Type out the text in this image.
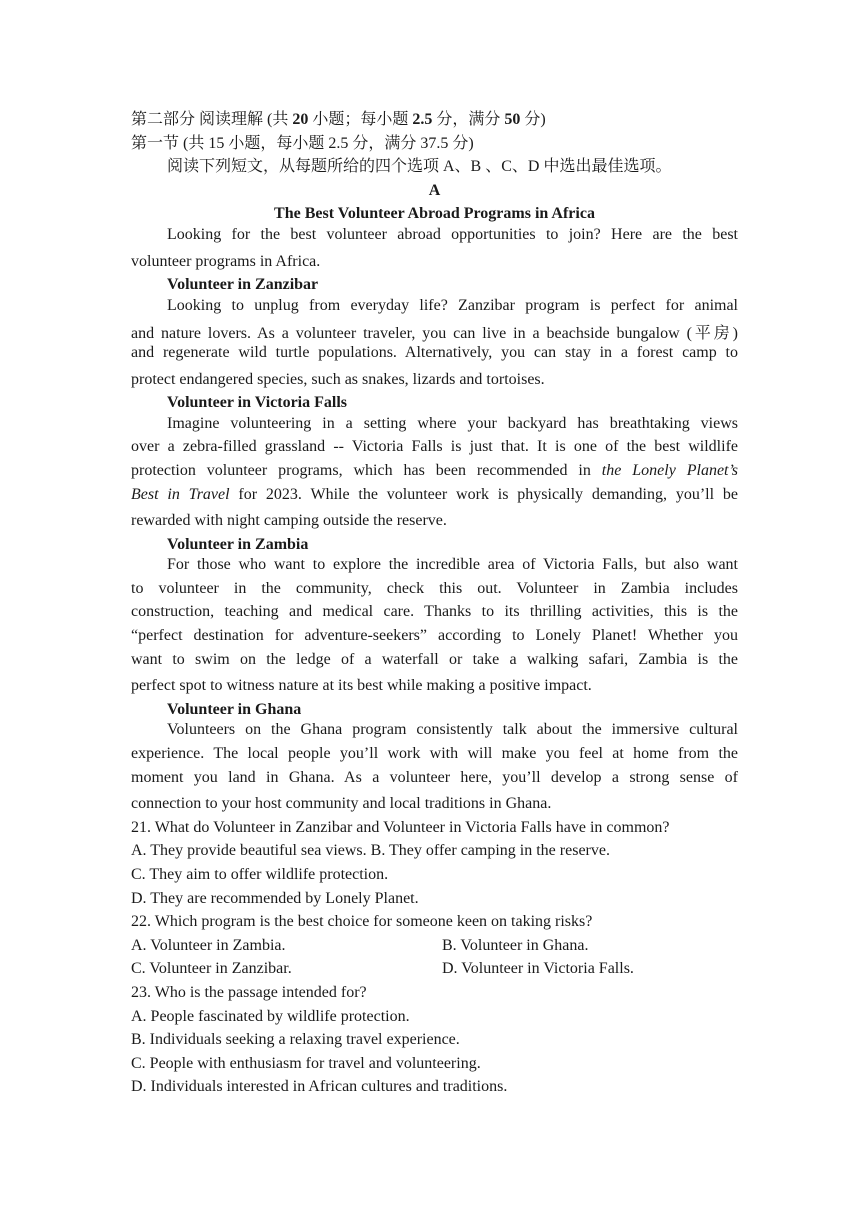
第二部分 阅读理解 (共 20 小题；每小题 2.5 分，满分 50 分)
第一节 (共 15 小题，每小题 2.5 分，满分 37.5 分)
阅读下列短文，从每题所给的四个选项 A、B 、C、D 中选出最佳选项。
A
The Best Volunteer Abroad Programs in Africa
Looking for the best volunteer abroad opportunities to join? Here are the best
volunteer programs in Africa.
Volunteer in Zanzibar
Looking to unplug from everyday life? Zanzibar program is perfect for animal
and nature lovers. As a volunteer traveler, you can live in a beachside bungalow (平房)
and regenerate wild turtle populations. Alternatively, you can stay in a forest camp to
protect endangered species, such as snakes, lizards and tortoises.
Volunteer in Victoria Falls
Imagine volunteering in a setting where your backyard has breathtaking views
over a zebra-filled grassland -- Victoria Falls is just that. It is one of the best wildlife
protection volunteer programs, which has been recommended in the Lonely Planet’s
Best in Travel for 2023. While the volunteer work is physically demanding, you’ll be
rewarded with night camping outside the reserve.
Volunteer in Zambia
For those who want to explore the incredible area of Victoria Falls, but also want
to volunteer in the community, check this out. Volunteer in Zambia includes
construction, teaching and medical care. Thanks to its thrilling activities, this is the
“perfect destination for adventure-seekers” according to Lonely Planet! Whether you
want to swim on the ledge of a waterfall or take a walking safari, Zambia is the
perfect spot to witness nature at its best while making a positive impact.
Volunteer in Ghana
Volunteers on the Ghana program consistently talk about the immersive cultural
experience. The local people you’ll work with will make you feel at home from the
moment you land in Ghana. As a volunteer here, you’ll develop a strong sense of
connection to your host community and local traditions in Ghana.
21. What do Volunteer in Zanzibar and Volunteer in Victoria Falls have in common?
A. They provide beautiful sea views. B. They offer camping in the reserve.
C. They aim to offer wildlife protection.
D. They are recommended by Lonely Planet.
22. Which program is the best choice for someone keen on taking risks?
A. Volunteer in Zambia.	B. Volunteer in Ghana.
C. Volunteer in Zanzibar.	D. Volunteer in Victoria Falls.
23. Who is the passage intended for?
A. People fascinated by wildlife protection.
B. Individuals seeking a relaxing travel experience.
C. People with enthusiasm for travel and volunteering.
D. Individuals interested in African cultures and traditions.
